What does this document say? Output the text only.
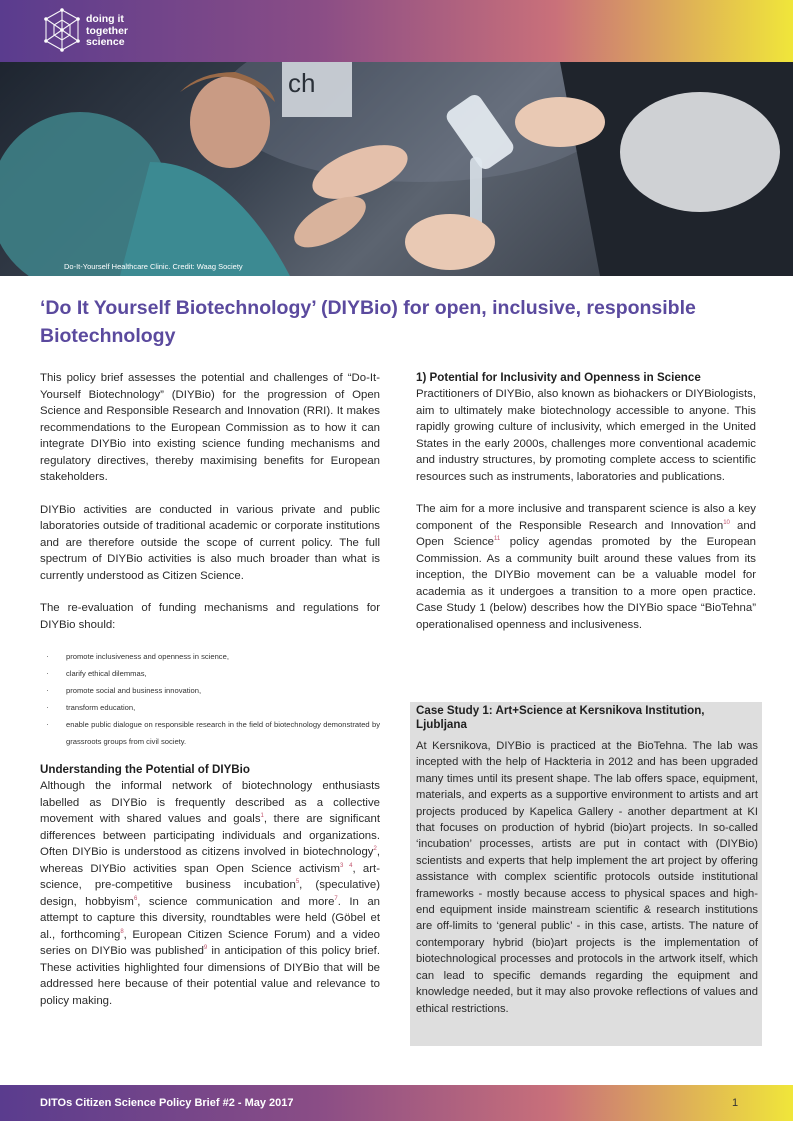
doing it
together
science
ch
Do-It-Yourself Healthcare Clinic. Credit: Waag Society
‘Do It Yourself Biotechnology’ (DIYBio) for open, inclusive, responsible Biotechnology

This policy brief assesses the potential and challenges of “Do-It-Yourself Biotechnology” (DIYBio) for the progression of Open Science and Responsible Research and Innovation (RRI). It makes recommendations to the European Commission as to how it can integrate DIYBio into existing science funding mechanisms and regulatory directives, thereby maximising benefits for European stakeholders.

DIYBio activities are conducted in various private and public laboratories outside of traditional academic or corporate institutions and are therefore outside the scope of current policy. The full spectrum of DIYBio activities is also much broader than what is currently understood as Citizen Science.

The re-evaluation of funding mechanisms and regulations for DIYBio should:

· promote inclusiveness and openness in science,
· clarify ethical dilemmas,
· promote social and business innovation,
· transform education,
· enable public dialogue on responsible research in the field of biotechnology demonstrated by grassroots groups from civil society.
Understanding the Potential of DIYBio

Although the informal network of biotechnology enthusiasts labelled as DIYBio is frequently described as a collective movement with shared values and goals$^1$, there are significant differences between participating individuals and organizations. Often DIYBio is understood as citizens involved in biotechnology$^2$, whereas DIYBio activities span Open Science activism$^{3 4}$, art-science, pre-competitive business incubation$^5$, (speculative) design, hobbyism$^6$, science communication and more$^7$. In an attempt to capture this diversity, roundtables were held (Göbel et al., forthcoming$^8$, European Citizen Science Forum) and a video series on DIYBio was published$^9$ in anticipation of this policy brief. These activities highlighted four dimensions of DIYBio that will be addressed here because of their potential value and relevance to policy making.

1) Potential for Inclusivity and Openness in Science

Practitioners of DIYBio, also known as biohackers or DIYBiologists, aim to ultimately make biotechnology accessible to anyone. This rapidly growing culture of inclusivity, which emerged in the United States in the early 2000s, challenges more conventional academic and industry structures, by promoting complete access to scientific resources such as instruments, laboratories and publications.

The aim for a more inclusive and transparent science is also a key component of the Responsible Research and Innovation$^{10}$ and Open Science$^{11}$ policy agendas promoted by the European Commission. As a community built around these values from its inception, the DIYBio movement can be a valuable model for academia as it undergoes a transition to a more open practice. Case Study 1 (below) describes how the DIYBio space “BioTehna” operationalised openness and inclusiveness.

Case Study 1: Art+Science at Kersnikova Institution, Ljubljana

At Kersnikova, DIYBio is practiced at the BioTehna. The lab was incepted with the help of Hackteria in 2012 and has been upgraded many times until its present shape. The lab offers space, equipment, materials, and experts as a supportive environment to artists and art projects produced by Kapelica Gallery - another department at KI that focuses on production of hybrid (bio)art projects. In so-called ‘incubation’ processes, artists are put in contact with (DIYBio) scientists and experts that help implement the art project by offering assistance with complex scientific protocols outside institutional frameworks - mostly because access to physical spaces and high-end equipment inside mainstream scientific & research institutions are off-limits to ‘general public’ - in this case, artists. The nature of contemporary hybrid (bio)art projects is the implementation of biotechnological processes and protocols in the artwork itself, which can lead to specific demands regarding the equipment and knowledge needed, but it may also provoke reflections of values and ethical restrictions.

DITOs Citizen Science Policy Brief #2 - May 2017	1
